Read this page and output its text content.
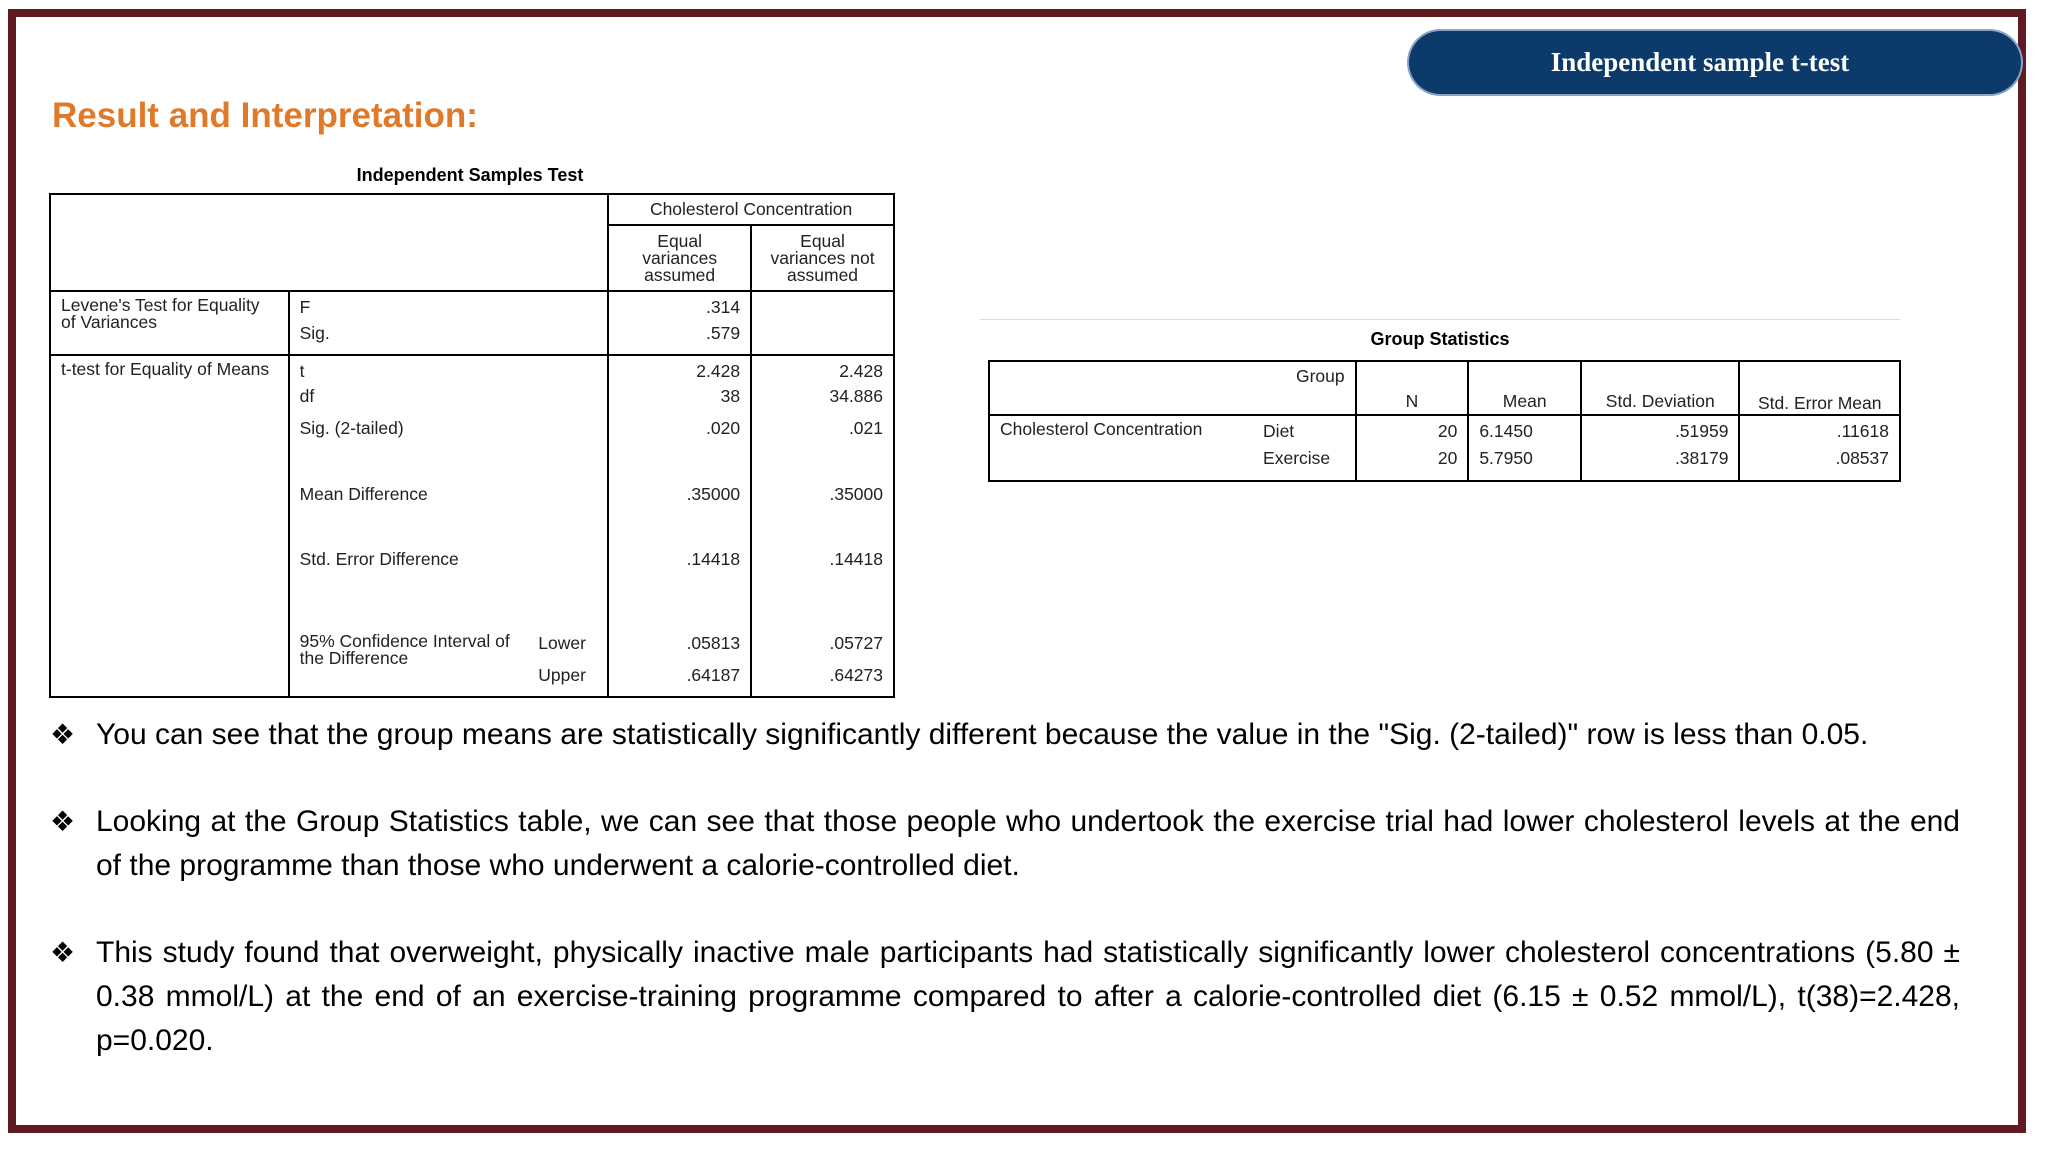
Independent sample t-test
Result and Interpretation:
Independent Samples Test
			Cholesterol Concentration	
			Equal variances assumed	Equal variances not assumed
Levene's Test for Equality of Variances	F		.314	
	Sig.		.579	
t-test for Equality of Means	t		2.428	2.428
	df		38	34.886
	Sig. (2-tailed)		.020	.021
	Mean Difference		.35000	.35000
	Std. Error Difference		.14418	.14418
	95% Confidence Interval of the Difference	Lower	.05813	.05727
		Upper	.64187	.64273
Group Statistics
Group		N	Mean	Std. Deviation	Std. Error Mean
Cholesterol Concentration	Diet	20	6.1450	.51959	.11618
	Exercise	20	5.7950	.38179	.08537
❖ You can see that the group means are statistically significantly different because the value in the "Sig. (2-tailed)" row is less than 0.05.
❖ Looking at the Group Statistics table, we can see that those people who undertook the exercise trial had lower cholesterol levels at the end of the programme than those who underwent a calorie-controlled diet.
❖ This study found that overweight, physically inactive male participants had statistically significantly lower cholesterol concentrations (5.80 ± 0.38 mmol/L) at the end of an exercise-training programme compared to after a calorie-controlled diet (6.15 ± 0.52 mmol/L), t(38)=2.428, p=0.020.
